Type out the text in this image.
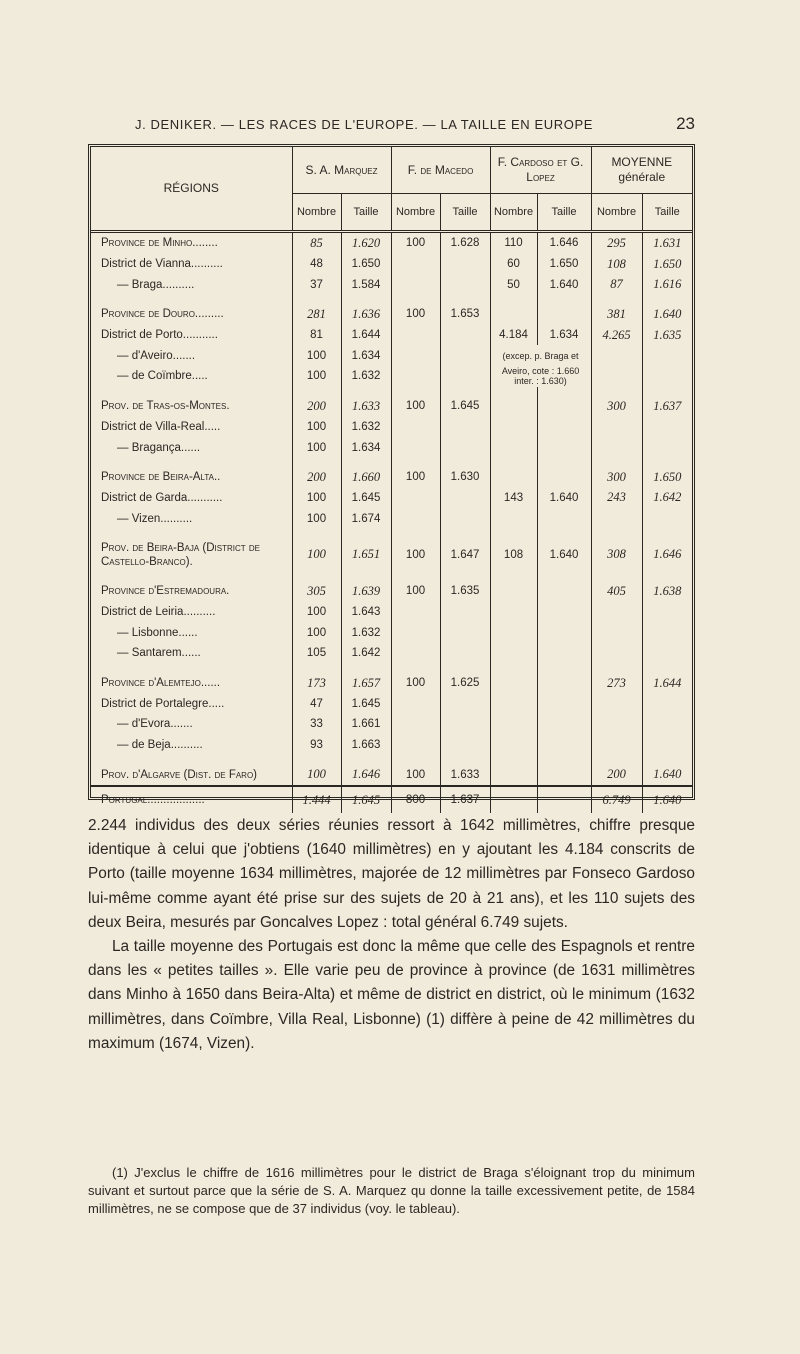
J. DENIKER. — LES RACES DE L'EUROPE. — LA TAILLE EN EUROPE	23
RÉGIONS	S. A. Marquez		F. de Macedo		F. Cardoso et G. Lopez		MOYENNE générale	
	Nombre	Taille	Nombre	Taille	Nombre	Taille	Nombre	Taille
Province de Minho........	85	1.620	100	1.628	110	1.646	295	1.631
District de Vianna..........	48	1.650			60	1.650	108	1.650
— Braga..........	37	1.584			50	1.640	87	1.616

Province de Douro.........	281	1.636	100	1.653			381	1.640
District de Porto...........	81	1.644			4.184	1.634	4.265	1.635
— d'Aveiro.......	100	1.634			(excep. p. Braga et			
— de Coïmbre.....	100	1.632			Aveiro, cote : 1.660 inter. : 1.630)			

Prov. de Tras-os-Montes.	200	1.633	100	1.645			300	1.637
District de Villa-Real.....	100	1.632						
— Bragança......	100	1.634						

Province de Beira-Alta..	200	1.660	100	1.630			300	1.650
District de Garda...........	100	1.645			143	1.640	243	1.642
— Vizen..........	100	1.674						

Prov. de Beira-Baja (District de Castello-Branco).	100	1.651	100	1.647	108	1.640	308	1.646

Province d'Estremadoura.	305	1.639	100	1.635			405	1.638
District de Leiria..........	100	1.643						
— Lisbonne......	100	1.632						
— Santarem......	105	1.642						

Province d'Alemtejo......	173	1.657	100	1.625			273	1.644
District de Portalegre.....	47	1.645						
— d'Evora.......	33	1.661						
— de Beja..........	93	1.663						

Prov. d'Algarve (Dist. de Faro)	100	1.646	100	1.633			200	1.640
Portugal..................	1.444	1.645	800	1.637			6.749	1.640

2.244 individus des deux séries réunies ressort à 1642 millimètres, chiffre presque identique à celui que j'obtiens (1640 millimètres) en y ajoutant les 4.184 conscrits de Porto (taille moyenne 1634 millimètres, majorée de 12 millimètres par Fonseco Gardoso lui-même comme ayant été prise sur des sujets de 20 à 21 ans), et les 110 sujets des deux Beira, mesurés par Goncalves Lopez : total général 6.749 sujets.

La taille moyenne des Portugais est donc la même que celle des Espagnols et rentre dans les « petites tailles ». Elle varie peu de province à province (de 1631 millimètres dans Minho à 1650 dans Beira-Alta) et même de district en district, où le minimum (1632 millimètres, dans Coïmbre, Villa Real, Lisbonne) (1) diffère à peine de 42 millimètres du maximum (1674, Vizen).

(1) J'exclus le chiffre de 1616 millimètres pour le district de Braga s'éloignant trop du minimum suivant et surtout parce que la série de S. A. Marquez qu donne la taille excessivement petite, de 1584 millimètres, ne se compose que de 37 individus (voy. le tableau).
